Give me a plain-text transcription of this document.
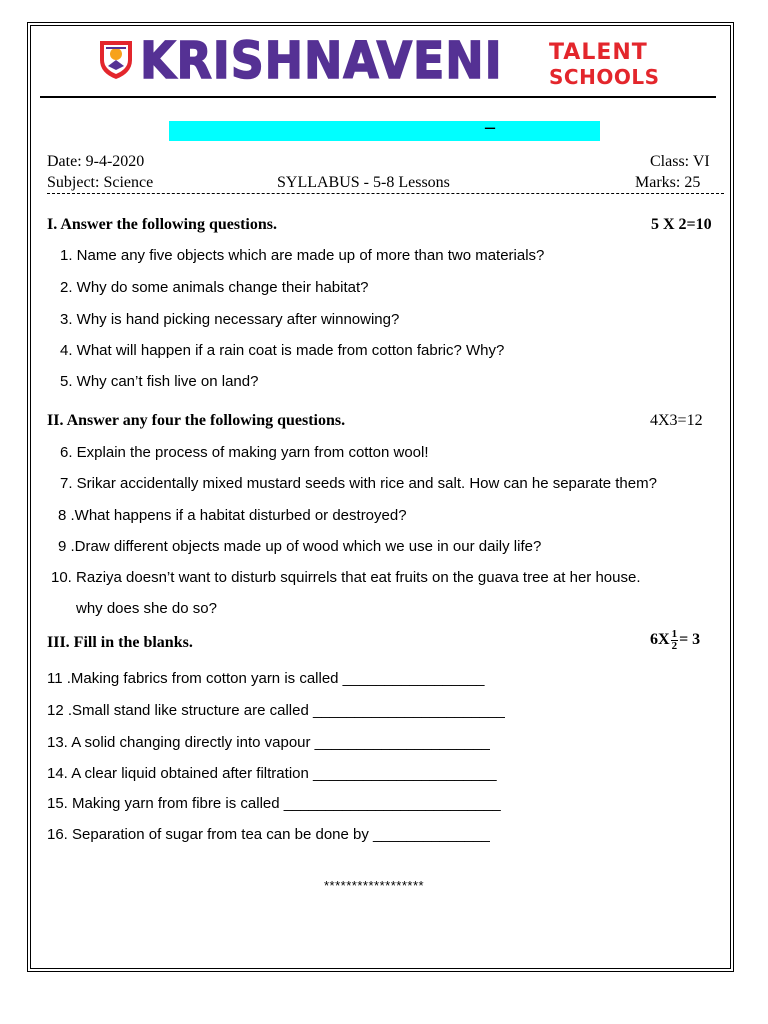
KRISHNAVENI TALENT
SCHOOLS
–
Date: 9-4-2020	Class: VI
Subject: Science	SYLLABUS - 5-8 Lessons	Marks: 25
I. Answer the following questions.	5 X 2=10
1. Name any five objects which are made up of more than two materials?
2. Why do some animals change their habitat?
3. Why is hand picking necessary after winnowing?
4. What will happen if a rain coat is made from cotton fabric? Why?
5. Why can’t fish live on land?
II. Answer any four the following questions.	4X3=12
6. Explain the process of making yarn from cotton wool!
7. Srikar accidentally mixed mustard seeds with rice and salt. How can he separate them?
8 .What happens if a habitat disturbed or destroyed?
9 .Draw different objects made up of wood which we use in our daily life?
10. Raziya doesn’t want to disturb squirrels that eat fruits on the guava tree at her house.
why does she do so?
III. Fill in the blanks.	$6X \frac{1}{2} = 3$
11 .Making fabrics from cotton yarn is called _________________
12 .Small stand like structure are called _______________________
13. A solid changing directly into vapour _____________________
14. A clear liquid obtained after filtration ______________________
15. Making yarn from fibre is called __________________________
16. Separation of sugar from tea can be done by ______________
******************
